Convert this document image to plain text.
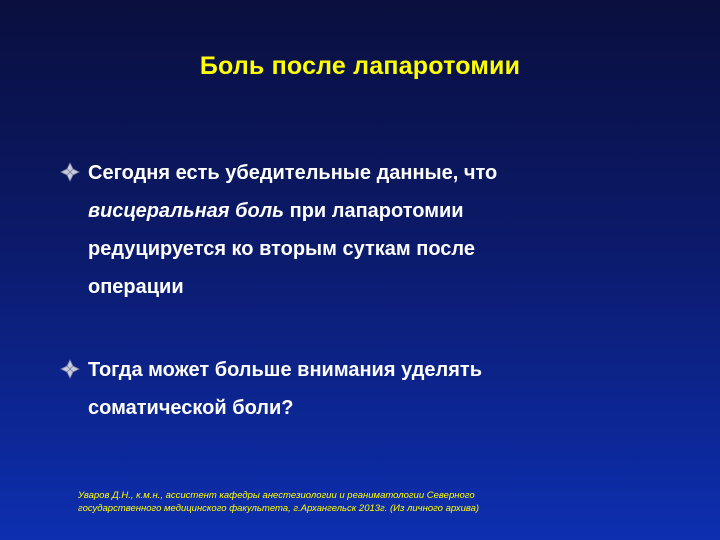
Боль после лапаротомии
Сегодня есть убедительные данные, что
висцеральная боль при лапаротомии
редуцируется ко вторым суткам после
операции
Тогда может больше внимания уделять
соматической боли?
Уваров Д.Н., к.м.н., ассистент кафедры анестезиологии и реаниматологии Северного
государственного медицинского факультета, г.Архангельск 2013г. (Из личного архива)
